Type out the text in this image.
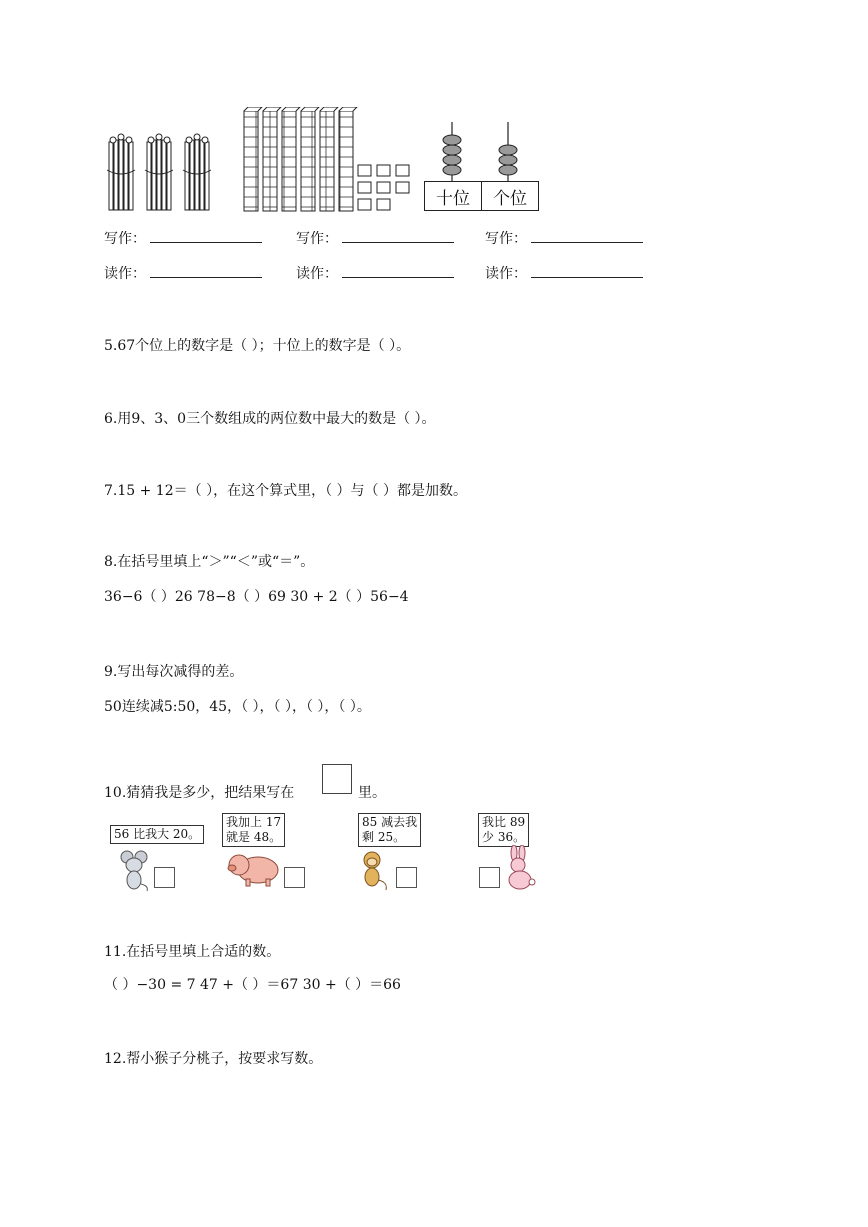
十位	个位
写作：	写作：	写作：
读作：	读作：	读作：
5.67个位上的数字是（ ）；十位上的数字是（ ）。
6.用9、3、0三个数组成的两位数中最大的数是（ ）。
7.15 + 12＝（ ），在这个算式里，（ ）与（ ）都是加数。
8.在括号里填上“＞”“＜”或“＝”。
36−6（ ）26 78−8（ ）69 30 + 2（ ）56−4
9.写出每次减得的差。
50连续减5:50，45，（ ），（ ），（ ），（ ）。
10.猜猜我是多少，把结果写在	里。
56 比我大 20。
我加上 17
就是 48。
85 减去我
剩 25。
我比 89
少 36。
11.在括号里填上合适的数。
（ ）−30 = 7 47 +（ ）＝67 30 +（ ）＝66
12.帮小猴子分桃子，按要求写数。
